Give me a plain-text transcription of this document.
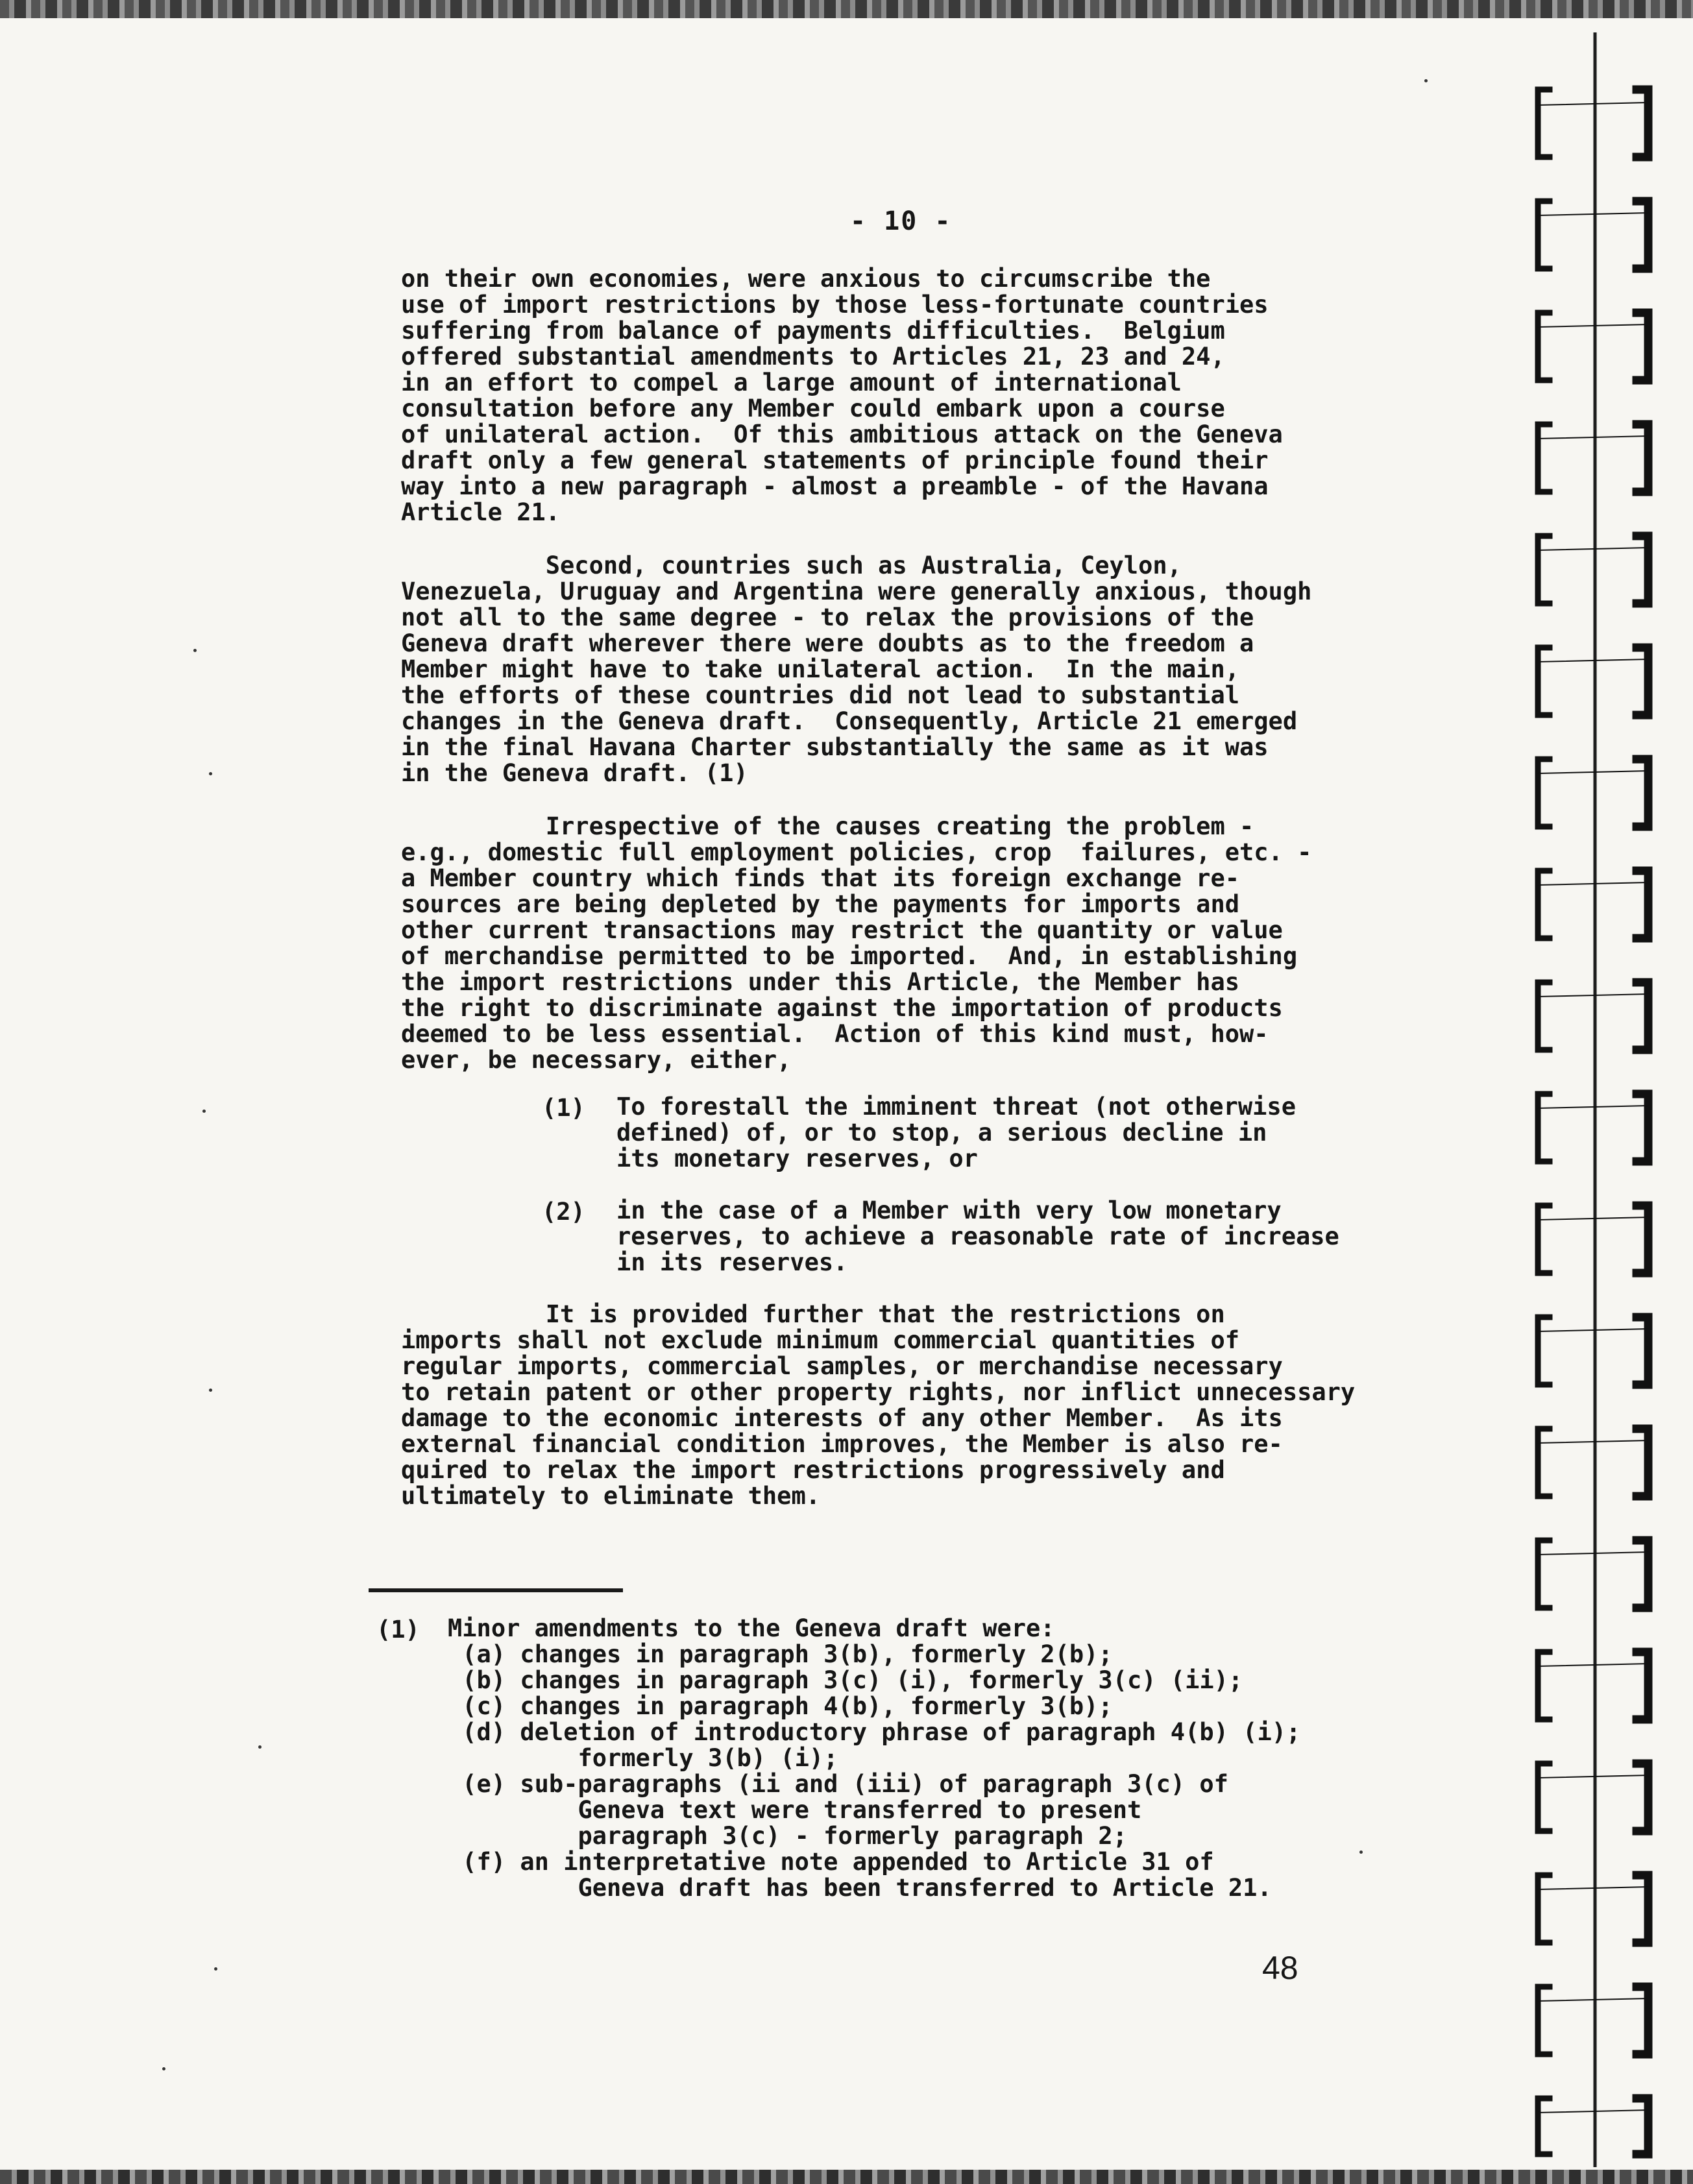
- 10 -
on their own economies, were anxious to circumscribe the
use of import restrictions by those less-fortunate countries
suffering from balance of payments difficulties.  Belgium
offered substantial amendments to Articles 21, 23 and 24,
in an effort to compel a large amount of international
consultation before any Member could embark upon a course
of unilateral action.  Of this ambitious attack on the Geneva
draft only a few general statements of principle found their
way into a new paragraph - almost a preamble - of the Havana
Article 21.
Second, countries such as Australia, Ceylon,
Venezuela, Uruguay and Argentina were generally anxious, though
not all to the same degree - to relax the provisions of the
Geneva draft wherever there were doubts as to the freedom a
Member might have to take unilateral action.  In the main,
the efforts of these countries did not lead to substantial
changes in the Geneva draft.  Consequently, Article 21 emerged
in the final Havana Charter substantially the same as it was
in the Geneva draft. (1)
Irrespective of the causes creating the problem -
e.g., domestic full employment policies, crop  failures, etc. -
a Member country which finds that its foreign exchange re-
sources are being depleted by the payments for imports and
other current transactions may restrict the quantity or value
of merchandise permitted to be imported.  And, in establishing
the import restrictions under this Article, the Member has
the right to discriminate against the importation of products
deemed to be less essential.  Action of this kind must, how-
ever, be necessary, either,
(1) To forestall the imminent threat (not otherwise
defined) of, or to stop, a serious decline in
its monetary reserves, or
(2) in the case of a Member with very low monetary
reserves, to achieve a reasonable rate of increase
in its reserves.
It is provided further that the restrictions on
imports shall not exclude minimum commercial quantities of
regular imports, commercial samples, or merchandise necessary
to retain patent or other property rights, nor inflict unnecessary
damage to the economic interests of any other Member.  As its
external financial condition improves, the Member is also re-
quired to relax the import restrictions progressively and
ultimately to eliminate them.
(1) Minor amendments to the Geneva draft were:
(a) changes in paragraph 3(b), formerly 2(b);
(b) changes in paragraph 3(c) (i), formerly 3(c) (ii);
(c) changes in paragraph 4(b), formerly 3(b);
(d) deletion of introductory phrase of paragraph 4(b) (i);
formerly 3(b) (i);
(e) sub-paragraphs (ii and (iii) of paragraph 3(c) of
Geneva text were transferred to present
paragraph 3(c) - formerly paragraph 2;
(f) an interpretative note appended to Article 31 of
Geneva draft has been transferred to Article 21.
48
